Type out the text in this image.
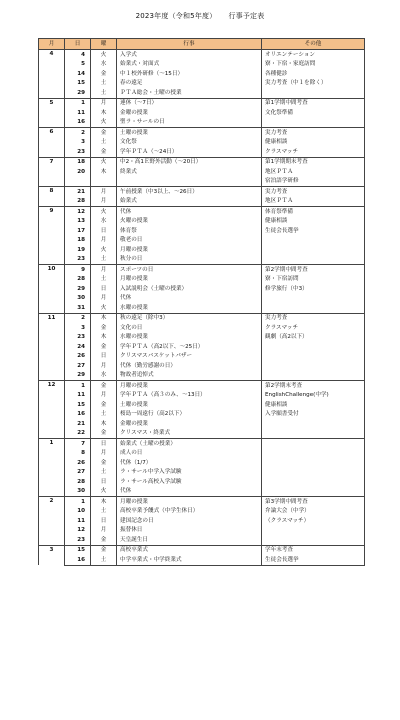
2023年度（令和5年度） 行事予定表
月	日	曜	行事	その他
4	4	火	入学式	オリエンテーション
	5	水	始業式・対面式	寮・下宿・家庭訪問
	14	金	中１校外研修（～15日）	各種健診
	15	土	春の遠足	実力考査（中１を除く）
	29	土	ＰＴＡ総会・土曜の授業	
5	1	月	連休（～7日）	第1学期中間考査
	11	木	金曜の授業	文化祭準備
	16	火	聖ラ・サールの日	
6	2	金	土曜の授業	実力考査
	3	土	文化祭	健康相談
	23	金	学年ＰＴＡ（～24日）	クラスマッチ
7	18	火	中2・高1Ｅ野外活動（～20日）	第1学期期末考査
	20	木	終業式	地区ＰＴＡ
				宿泊語学研修
8	21	月	午前授業（中3以上、～26日）	実力考査
	28	月	始業式	地区ＰＴＡ
9	12	火	代休	体育祭準備
	13	水	火曜の授業	健康相談
	17	日	体育祭	生徒会長選挙
	18	月	敬老の日	
	19	火	月曜の授業	
	23	土	秋分の日	
10	9	月	スポーツの日	第2学期中間考査
	28	土	月曜の授業	寮・下宿訪問
	29	日	入試説明会（土曜の授業）	修学旅行（中3）
	30	月	代休	
	31	火	水曜の授業	
11	2	木	秋の遠足（除中3）	実力考査
	3	金	文化の日	クラスマッチ
	23	木	水曜の授業	観劇（高2以下）
	24	金	学年ＰＴＡ（高2以下、～25日）	
	26	日	クリスマスバスケットバザー	
	27	月	代休（勤労感謝の日）	
	29	水	物故者追悼式	
12	1	金	月曜の授業	第2学期末考査
	11	月	学年ＰＴＡ（高３のみ、～13日）	EnglishChallenge(中学)
	15	金	土曜の授業	健康相談
	16	土	桜島一周遠行（高2以下）	入学願書受付
	21	木	金曜の授業	
	22	金	クリスマス・終業式	
1	7	日	始業式（土曜の授業）	
	8	月	成人の日	
	26	金	代休（1/7）	
	27	土	ラ・サール中学入学試験	
	28	日	ラ・サール高校入学試験	
	30	火	代休	
2	1	木	月曜の授業	第3学期中間考査
	10	土	高校卒業予餞式（中学生休日）	弁論大会（中学）
	11	日	建国記念の日	（クラスマッチ）
	12	月	振替休日	
	23	金	天皇誕生日	
3	15	金	高校卒業式	学年末考査
	16	土	中学卒業式・中学終業式	生徒会長選挙
